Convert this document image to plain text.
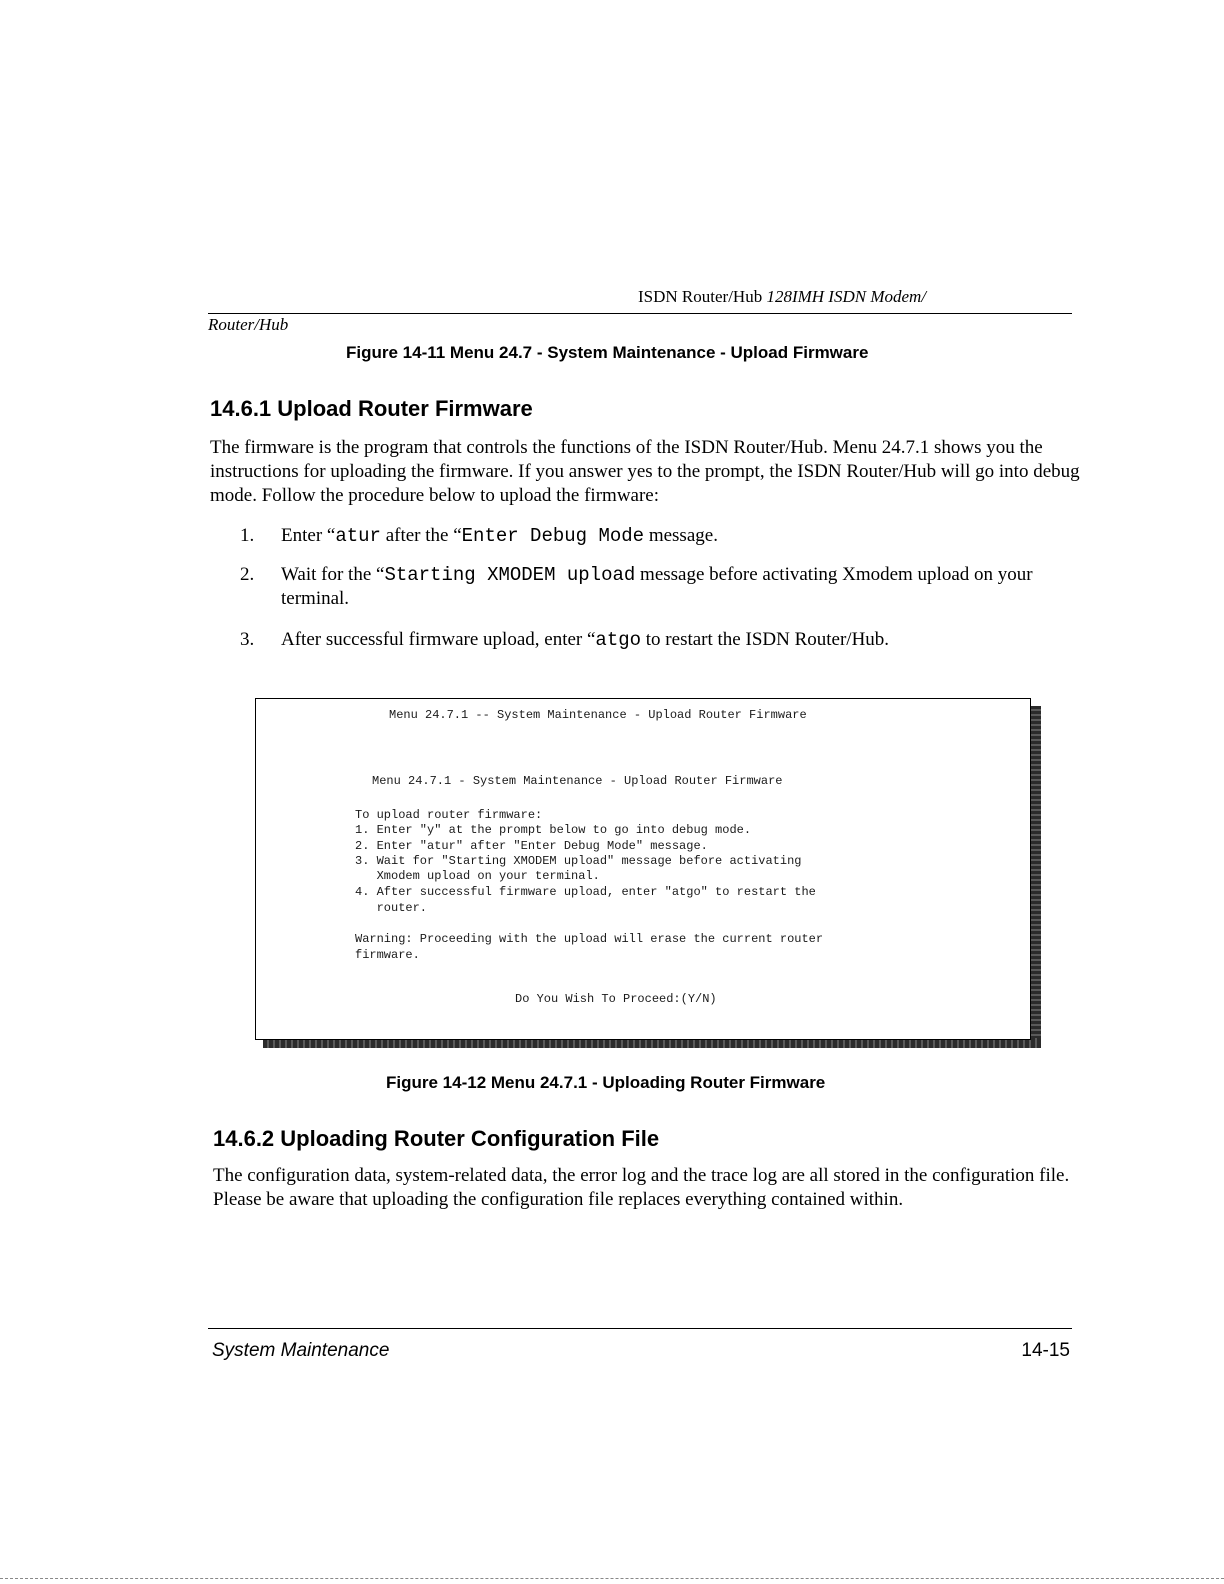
ISDN Router/Hub 128IMH ISDN Modem/
Router/Hub
Figure 14-11 Menu 24.7 - System Maintenance - Upload Firmware
14.6.1 Upload Router Firmware
The firmware is the program that controls the functions of the ISDN Router/Hub. Menu 24.7.1 shows you the instructions for uploading the firmware. If you answer yes to the prompt, the ISDN Router/Hub will go into debug mode. Follow the procedure below to upload the firmware:
1.	Enter “atur after the “Enter Debug Mode message.
2.	Wait for the “Starting XMODEM upload message before activating Xmodem upload on your terminal.
3.	After successful firmware upload, enter “atgo to restart the ISDN Router/Hub.
Menu 24.7.1 -- System Maintenance - Upload Router Firmware
Menu 24.7.1 - System Maintenance - Upload Router Firmware
To upload router firmware:
1. Enter "y" at the prompt below to go into debug mode.
2. Enter "atur" after "Enter Debug Mode" message.
3. Wait for "Starting XMODEM upload" message before activating
Xmodem upload on your terminal.
4. After successful firmware upload, enter "atgo" to restart the
router.
Warning: Proceeding with the upload will erase the current router
firmware.
Do You Wish To Proceed:(Y/N)
Figure 14-12 Menu 24.7.1 - Uploading Router Firmware
14.6.2 Uploading Router Configuration File
The configuration data, system-related data, the error log and the trace log are all stored in the configuration file. Please be aware that uploading the configuration file replaces everything contained within.
System Maintenance	14-15
